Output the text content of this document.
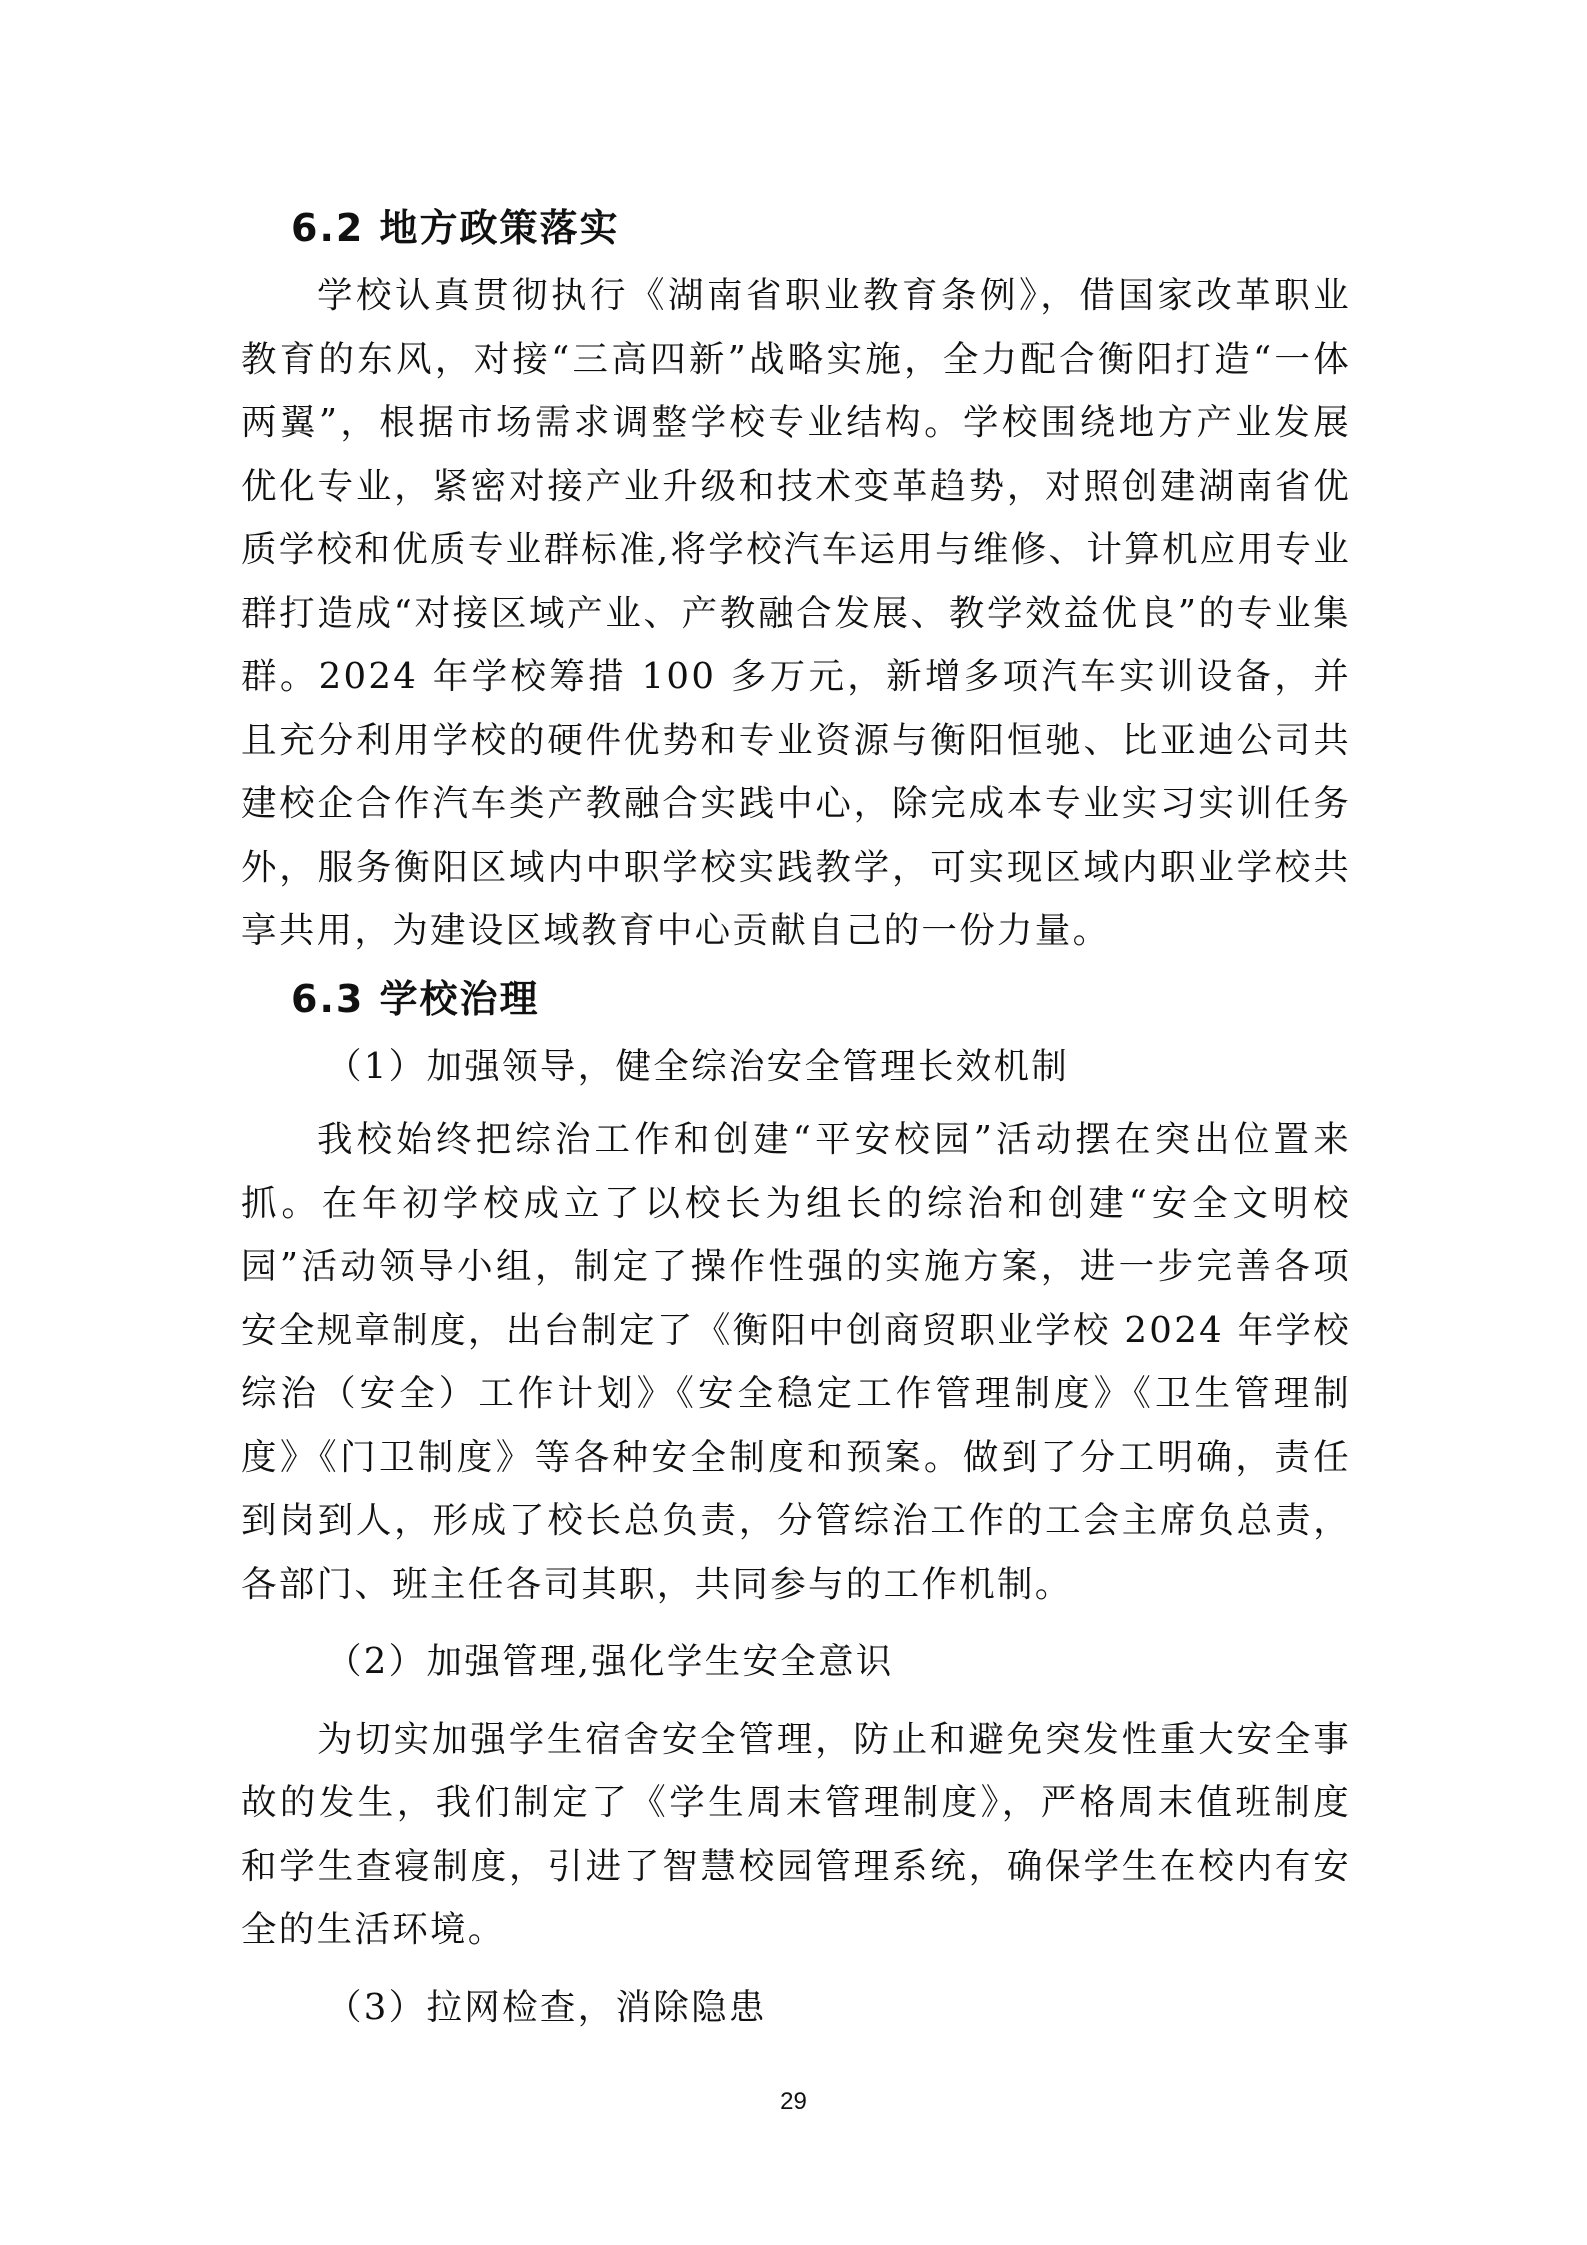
6.2 地方政策落实

学校认真贯彻执行《湖南省职业教育条例》，借国家改革职业教育的东风，对接“三高四新”战略实施，全力配合衡阳打造“一体两翼”，根据市场需求调整学校专业结构。学校围绕地方产业发展优化专业，紧密对接产业升级和技术变革趋势，对照创建湖南省优质学校和优质专业群标准,将学校汽车运用与维修、计算机应用专业群打造成“对接区域产业、产教融合发展、教学效益优良”的专业集群。2024 年学校筹措 100 多万元，新增多项汽车实训设备，并且充分利用学校的硬件优势和专业资源与衡阳恒驰、比亚迪公司共建校企合作汽车类产教融合实践中心，除完成本专业实习实训任务外，服务衡阳区域内中职学校实践教学，可实现区域内职业学校共享共用，为建设区域教育中心贡献自己的一份力量。

6.3 学校治理

（1）加强领导，健全综治安全管理长效机制

我校始终把综治工作和创建“平安校园”活动摆在突出位置来抓。在年初学校成立了以校长为组长的综治和创建“安全文明校园”活动领导小组，制定了操作性强的实施方案，进一步完善各项安全规章制度，出台制定了《衡阳中创商贸职业学校 2024 年学校综治（安全）工作计划》《安全稳定工作管理制度》《卫生管理制度》《门卫制度》等各种安全制度和预案。做到了分工明确，责任到岗到人，形成了校长总负责，分管综治工作的工会主席负总责，各部门、班主任各司其职，共同参与的工作机制。

（2）加强管理,强化学生安全意识

为切实加强学生宿舍安全管理，防止和避免突发性重大安全事故的发生，我们制定了《学生周末管理制度》，严格周末值班制度和学生查寝制度，引进了智慧校园管理系统，确保学生在校内有安全的生活环境。

（3）拉网检查，消除隐患

29
